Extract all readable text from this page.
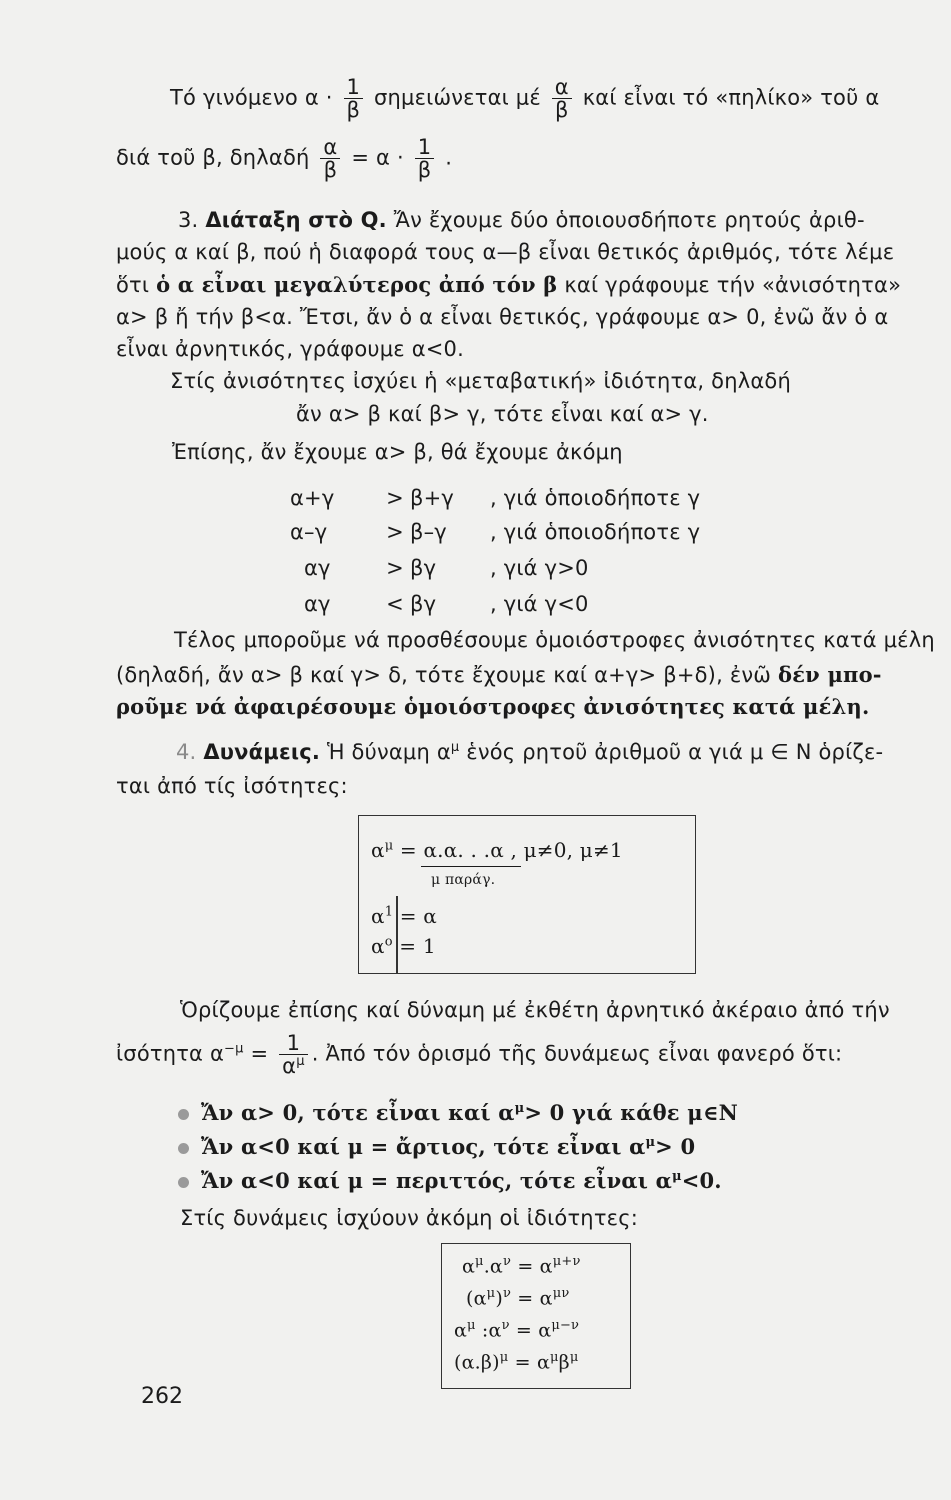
Τό γινόμενο $\alpha \cdot \frac{1}{\beta}$ σημειώνεται μέ $\frac{\alpha}{\beta}$ καί εἶναι τό «πηλίκο» τοῦ α
διά τοῦ β, δηλαδή $\frac{\alpha}{\beta} = \alpha \cdot \frac{1}{\beta}$ .
3. Διάταξη στὸ Q. Ἄν ἔχουμε δύο ὁποιουσδήποτε ρητούς ἀριθ-
μούς α καί β, πού ἡ διαφορά τους α—β εἶναι θετικός ἀριθμός, τότε λέμε
ὅτι ὁ α εἶναι μεγαλύτερος ἀπό τόν β καί γράφουμε τήν «ἀνισότητα»
α> β ἤ τήν β<α. Ἔτσι, ἄν ὁ α εἶναι θετικός, γράφουμε α> 0, ἐνῶ ἄν ὁ α
εἶναι ἀρνητικός, γράφουμε α<0.
Στίς ἀνισότητες ἰσχύει ἡ «μεταβατική» ἰδιότητα, δηλαδή
ἄν α> β καί β> γ, τότε εἶναι καί α> γ.
Ἐπίσης, ἄν ἔχουμε α> β, θά ἔχουμε ἀκόμη
α+γ > β+γ , γιά ὁποιοδήποτε γ
α–γ	> β–γ , γιά ὁποιοδήποτε γ
αγ	> βγ	, γιά γ>0
αγ	< βγ	, γιά γ<0
Τέλος μποροῦμε νά προσθέσουμε ὁμοιόστροφες ἀνισότητες κατά μέλη
(δηλαδή, ἄν α> β καί γ> δ, τότε ἔχουμε καί α+γ> β+δ), ἐνῶ δέν μπο-
ροῦμε νά ἀφαιρέσουμε ὁμοιόστροφες ἀνισότητες κατά μέλη.
4. Δυνάμεις. Ἡ δύναμη $\alpha^\mu$ ἑνός ρητοῦ ἀριθμοῦ α γιά μ ∈ N ὁρίζε-
ται ἀπό τίς ἰσότητες:
$\alpha^\mu = \alpha.\alpha$. . .α , μ≠0, μ≠1
μ παράγ.
$\alpha^1 = \alpha$
$\alpha^o = 1$
Ὁρίζουμε ἐπίσης καί δύναμη μέ ἐκθέτη ἀρνητικό ἀκέραιο ἀπό τήν
ἰσότητα $\alpha^{-\mu} = \frac{1}{\alpha^\mu}$ . Ἀπό τόν ὁρισμό τῆς δυνάμεως εἶναι φανερό ὅτι:
Ἄν α> 0, τότε εἶναι καί $\alpha^\mu> 0$ γιά κάθε μ∈N
Ἄν α<0 καί μ = ἄρτιος, τότε εἶναι $\alpha^\mu> 0$
Ἄν α<0 καί μ = περιττός, τότε εἶναι $\alpha^\mu<0$.
Στίς δυνάμεις ἰσχύουν ἀκόμη οἱ ἰδιότητες:
$\alpha^\mu.\alpha^\nu = \alpha^{\mu+\nu}$
$(\alpha^\mu)^\nu = \alpha^{\mu\nu}$
$\alpha^\mu$ $:\alpha^\nu = \alpha^{\mu-\nu}$
$(\alpha.\beta)^\mu = \alpha^\mu\beta^\mu$
262
